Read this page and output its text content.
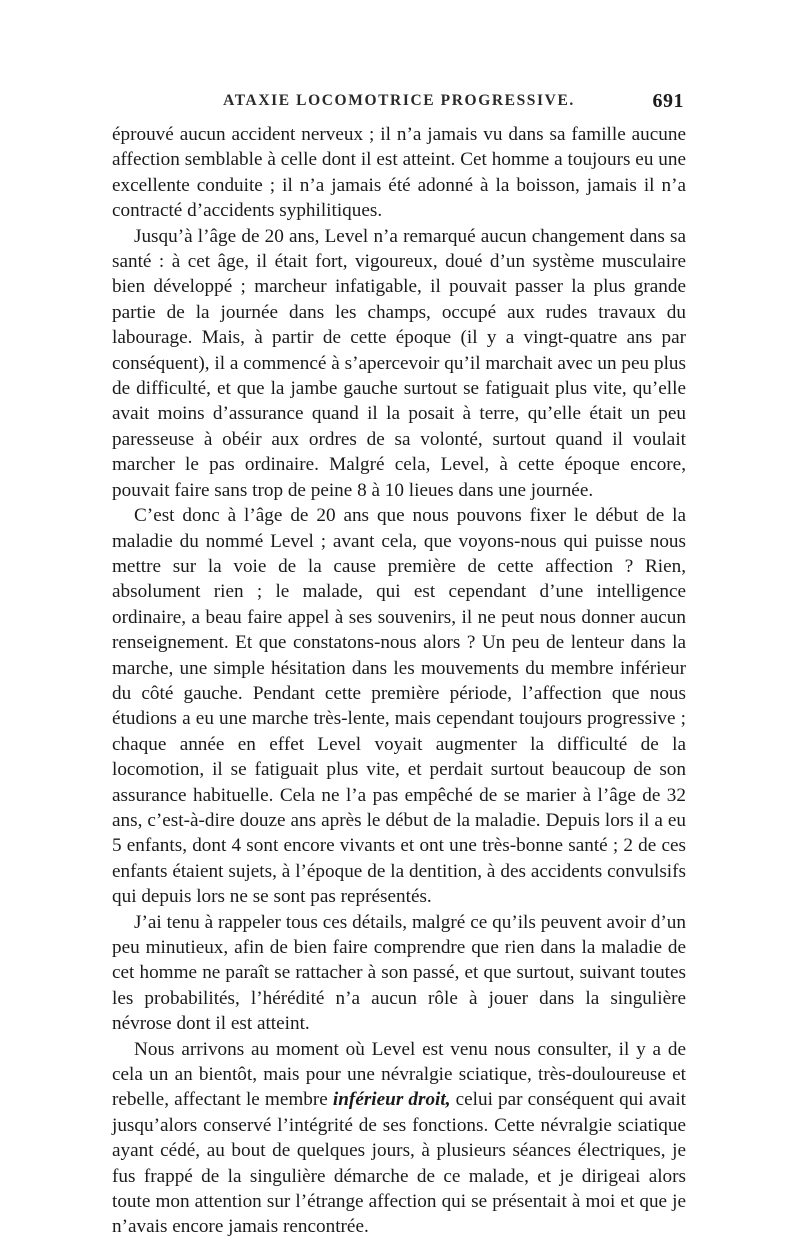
ATAXIE LOCOMOTRICE PROGRESSIVE.	691

éprouvé aucun accident nerveux ; il n’a jamais vu dans sa famille aucune affection semblable à celle dont il est atteint. Cet homme a toujours eu une excellente conduite ; il n’a jamais été adonné à la boisson, jamais il n’a contracté d’accidents syphilitiques.

Jusqu’à l’âge de 20 ans, Level n’a remarqué aucun changement dans sa santé : à cet âge, il était fort, vigoureux, doué d’un système musculaire bien développé ; marcheur infatigable, il pouvait passer la plus grande partie de la journée dans les champs, occupé aux rudes travaux du labourage. Mais, à partir de cette époque (il y a vingt-quatre ans par conséquent), il a commencé à s’apercevoir qu’il marchait avec un peu plus de difficulté, et que la jambe gauche surtout se fatiguait plus vite, qu’elle avait moins d’assurance quand il la posait à terre, qu’elle était un peu paresseuse à obéir aux ordres de sa volonté, surtout quand il voulait marcher le pas ordinaire. Malgré cela, Level, à cette époque encore, pouvait faire sans trop de peine 8 à 10 lieues dans une journée.

C’est donc à l’âge de 20 ans que nous pouvons fixer le début de la maladie du nommé Level ; avant cela, que voyons-nous qui puisse nous mettre sur la voie de la cause première de cette affection ? Rien, absolument rien ; le malade, qui est cependant d’une intelligence ordinaire, a beau faire appel à ses souvenirs, il ne peut nous donner aucun renseignement. Et que constatons-nous alors ? Un peu de lenteur dans la marche, une simple hésitation dans les mouvements du membre inférieur du côté gauche. Pendant cette première période, l’affection que nous étudions a eu une marche très-lente, mais cependant toujours progressive ; chaque année en effet Level voyait augmenter la difficulté de la locomotion, il se fatiguait plus vite, et perdait surtout beaucoup de son assurance habituelle. Cela ne l’a pas empêché de se marier à l’âge de 32 ans, c’est-à-dire douze ans après le début de la maladie. Depuis lors il a eu 5 enfants, dont 4 sont encore vivants et ont une très-bonne santé ; 2 de ces enfants étaient sujets, à l’époque de la dentition, à des accidents convulsifs qui depuis lors ne se sont pas représentés.

J’ai tenu à rappeler tous ces détails, malgré ce qu’ils peuvent avoir d’un peu minutieux, afin de bien faire comprendre que rien dans la maladie de cet homme ne paraît se rattacher à son passé, et que surtout, suivant toutes les probabilités, l’hérédité n’a aucun rôle à jouer dans la singulière névrose dont il est atteint.

Nous arrivons au moment où Level est venu nous consulter, il y a de cela un an bientôt, mais pour une névralgie sciatique, très-douloureuse et rebelle, affectant le membre inférieur droit, celui par conséquent qui avait jusqu’alors conservé l’intégrité de ses fonctions. Cette névralgie sciatique ayant cédé, au bout de quelques jours, à plusieurs séances électriques, je fus frappé de la singulière démarche de ce malade, et je dirigeai alors toute mon attention sur l’étrange affection qui se présentait à moi et que je n’avais encore jamais rencontrée.
